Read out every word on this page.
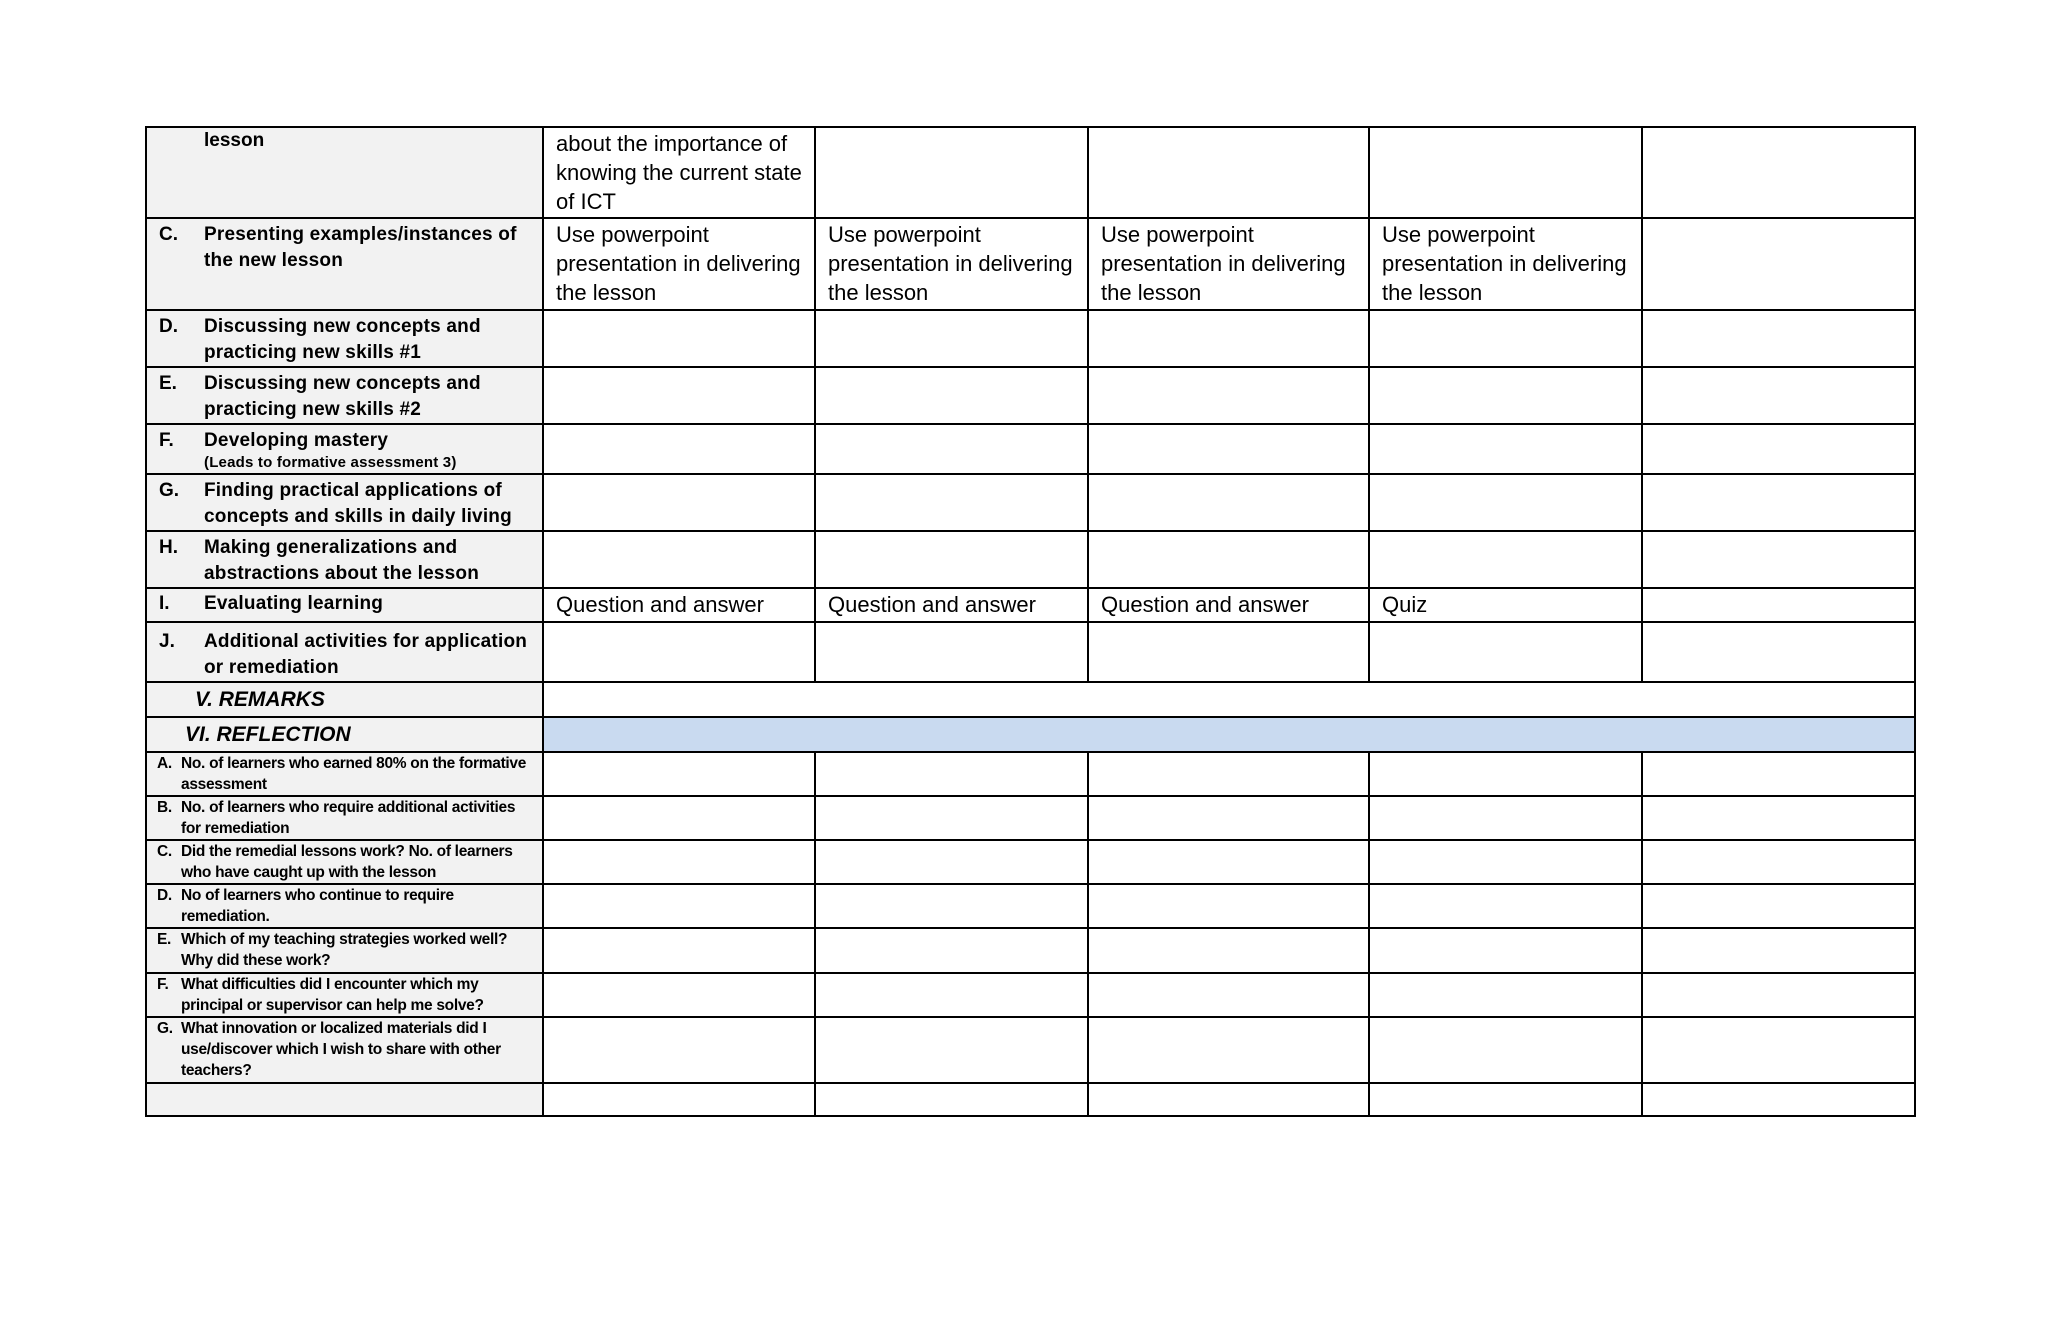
lesson	about the importance of knowing the current state of ICT				

C. Presenting examples/instances of the new lesson	Use powerpoint presentation in delivering the lesson	Use powerpoint presentation in delivering the lesson	Use powerpoint presentation in delivering the lesson	Use powerpoint presentation in delivering the lesson	

D. Discussing new concepts and practicing new skills #1					

E. Discussing new concepts and practicing new skills #2					

F. Developing mastery
(Leads to formative assessment 3)					

G. Finding practical applications of concepts and skills in daily living					

H. Making generalizations and abstractions about the lesson					

I. Evaluating learning	Question and answer	Question and answer	Question and answer	Quiz	

J. Additional activities for application or remediation					

V. REMARKS					

VI. REFLECTION					

A. No. of learners who earned 80% on the formative assessment					

B. No. of learners who require additional activities for remediation					

C. Did the remedial lessons work? No. of learners who have caught up with the lesson					

D. No of learners who continue to require remediation.					

E. Which of my teaching strategies worked well? Why did these work?					

F. What difficulties did I encounter which my principal or supervisor can help me solve?					

G. What innovation or localized materials did I use/discover which I wish to share with other teachers?					
